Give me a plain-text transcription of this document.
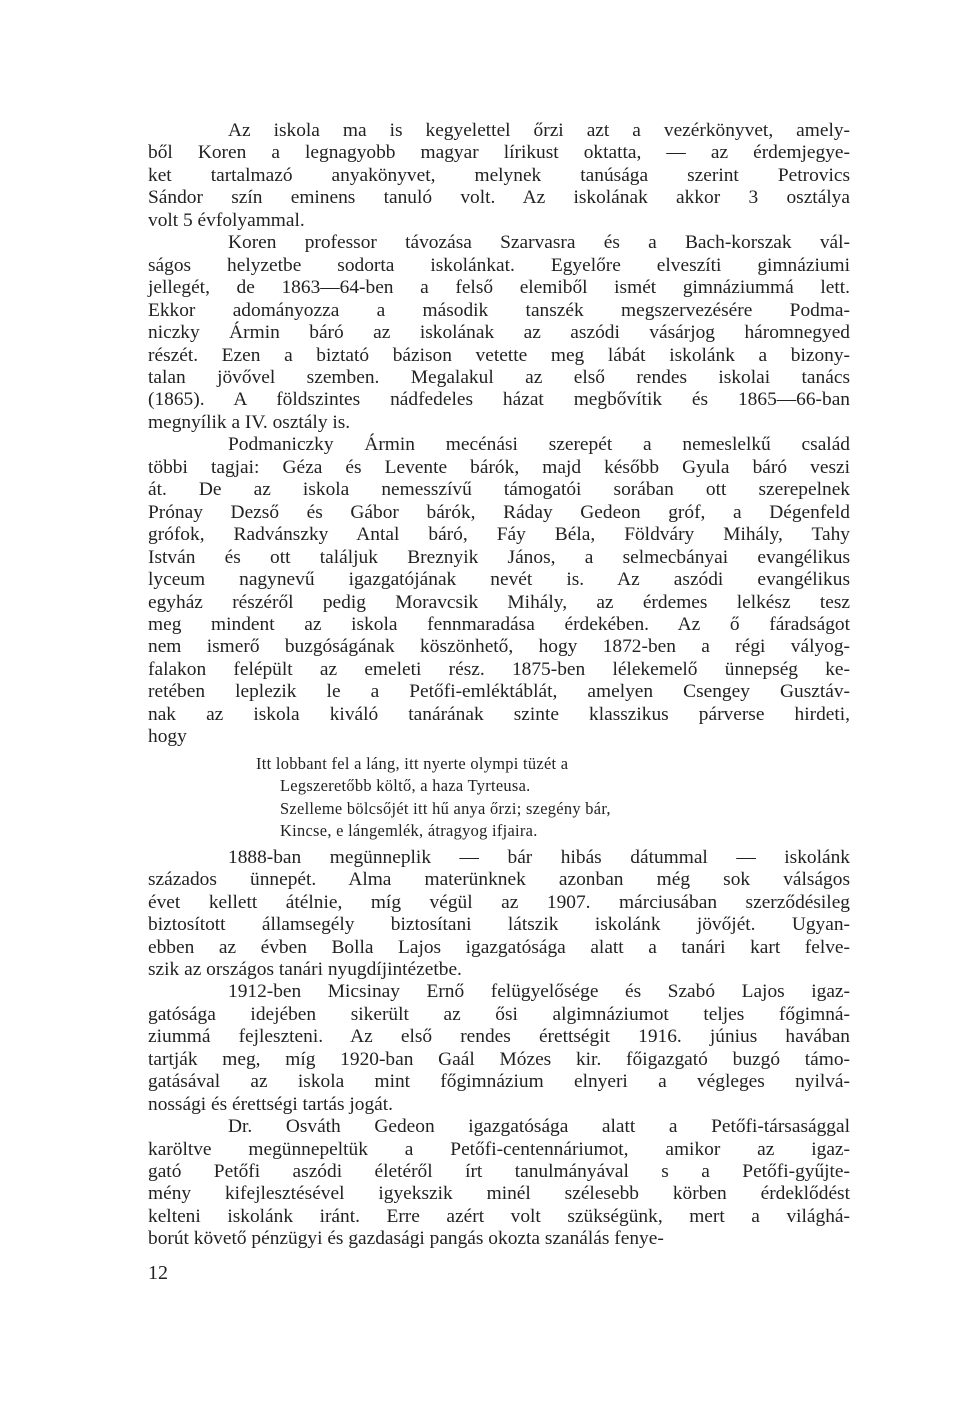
Az iskola ma is kegyelettel őrzi azt a vezérkönyvet, amely-
ből Koren a legnagyobb magyar lírikust oktatta, — az érdemjegye-
ket tartalmazó anyakönyvet, melynek tanúsága szerint Petrovics
Sándor szín eminens tanuló volt. Az iskolának akkor 3 osztálya
volt 5 évfolyammal.
Koren professor távozása Szarvasra és a Bach-korszak vál-
ságos helyzetbe sodorta iskolánkat. Egyelőre elveszíti gimnáziumi
jellegét, de 1863—64-ben a felső elemiből ismét gimnáziummá lett.
Ekkor adományozza a második tanszék megszervezésére Podma-
niczky Ármin báró az iskolának az aszódi vásárjog háromnegyed
részét. Ezen a biztató bázison vetette meg lábát iskolánk a bizony-
talan jövővel szemben. Megalakul az első rendes iskolai tanács
(1865). A földszintes nádfedeles házat megbővítik és 1865—66-ban
megnyílik a IV. osztály is.
Podmaniczky Ármin mecénási szerepét a nemeslelkű család
többi tagjai: Géza és Levente bárók, majd később Gyula báró veszi
át. De az iskola nemesszívű támogatói sorában ott szerepelnek
Prónay Dezső és Gábor bárók, Ráday Gedeon gróf, a Dégenfeld
grófok, Radvánszky Antal báró, Fáy Béla, Földváry Mihály, Tahy
István és ott találjuk Breznyik János, a selmecbányai evangélikus
lyceum nagynevű igazgatójának nevét is. Az aszódi evangélikus
egyház részéről pedig Moravcsik Mihály, az érdemes lelkész tesz
meg mindent az iskola fennmaradása érdekében. Az ő fáradságot
nem ismerő buzgóságának köszönhető, hogy 1872-ben a régi vályog-
falakon felépült az emeleti rész. 1875-ben lélekemelő ünnepség ke-
retében leplezik le a Petőfi-emléktáblát, amelyen Csengey Gusztáv-
nak az iskola kiváló tanárának szinte klasszikus párverse hirdeti,
hogy
Itt lobbant fel a láng, itt nyerte olympi tüzét a
Legszeretőbb költő, a haza Tyrteusa.
Szelleme bölcsőjét itt hű anya őrzi; szegény bár,
Kincse, e lángemlék, átragyog ifjaira.
1888-ban megünneplik — bár hibás dátummal — iskolánk
százados ünnepét. Alma materünknek azonban még sok válságos
évet kellett átélnie, míg végül az 1907. márciusában szerződésileg
biztosított államsegély biztosítani látszik iskolánk jövőjét. Ugyan-
ebben az évben Bolla Lajos igazgatósága alatt a tanári kart felve-
szik az országos tanári nyugdíjintézetbe.
1912-ben Micsinay Ernő felügyelősége és Szabó Lajos igaz-
gatósága idejében sikerült az ősi algimnáziumot teljes főgimná-
ziummá fejleszteni. Az első rendes érettségit 1916. június havában
tartják meg, míg 1920-ban Gaál Mózes kir. főigazgató buzgó támo-
gatásával az iskola mint főgimnázium elnyeri a végleges nyilvá-
nossági és érettségi tartás jogát.
Dr. Osváth Gedeon igazgatósága alatt a Petőfi-társasággal
karöltve megünnepeltük a Petőfi-centennáriumot, amikor az igaz-
gató Petőfi aszódi életéről írt tanulmányával s a Petőfi-gyűjte-
mény kifejlesztésével igyekszik minél szélesebb körben érdeklődést
kelteni iskolánk iránt. Erre azért volt szükségünk, mert a világhá-
borút követő pénzügyi és gazdasági pangás okozta szanálás fenye-
12
